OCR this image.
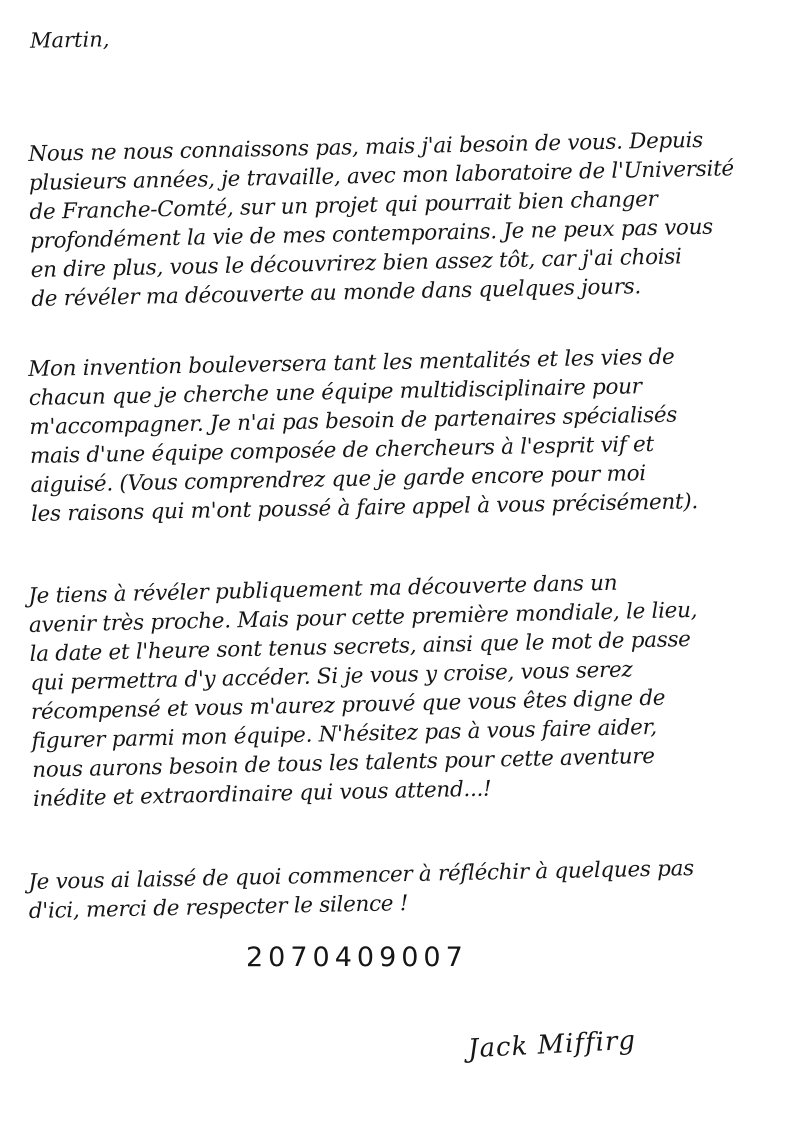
Martin,

Nous ne nous connaissons pas, mais j'ai besoin de vous. Depuis
plusieurs années, je travaille, avec mon laboratoire de l'Université
de Franche-Comté, sur un projet qui pourrait bien changer
profondément la vie de mes contemporains. Je ne peux pas vous
en dire plus, vous le découvrirez bien assez tôt, car j'ai choisi
de révéler ma découverte au monde dans quelques jours.

Mon invention bouleversera tant les mentalités et les vies de
chacun que je cherche une équipe multidisciplinaire pour
m'accompagner. Je n'ai pas besoin de partenaires spécialisés
mais d'une équipe composée de chercheurs à l'esprit vif et
aiguisé. (Vous comprendrez que je garde encore pour moi
les raisons qui m'ont poussé à faire appel à vous précisément).

Je tiens à révéler publiquement ma découverte dans un
avenir très proche. Mais pour cette première mondiale, le lieu,
la date et l'heure sont tenus secrets, ainsi que le mot de passe
qui permettra d'y accéder. Si je vous y croise, vous serez
récompensé et vous m'aurez prouvé que vous êtes digne de
figurer parmi mon équipe. N'hésitez pas à vous faire aider,
nous aurons besoin de tous les talents pour cette aventure
inédite et extraordinaire qui vous attend...!

Je vous ai laissé de quoi commencer à réfléchir à quelques pas
d'ici, merci de respecter le silence !

2070409007

Jack Miffirg
